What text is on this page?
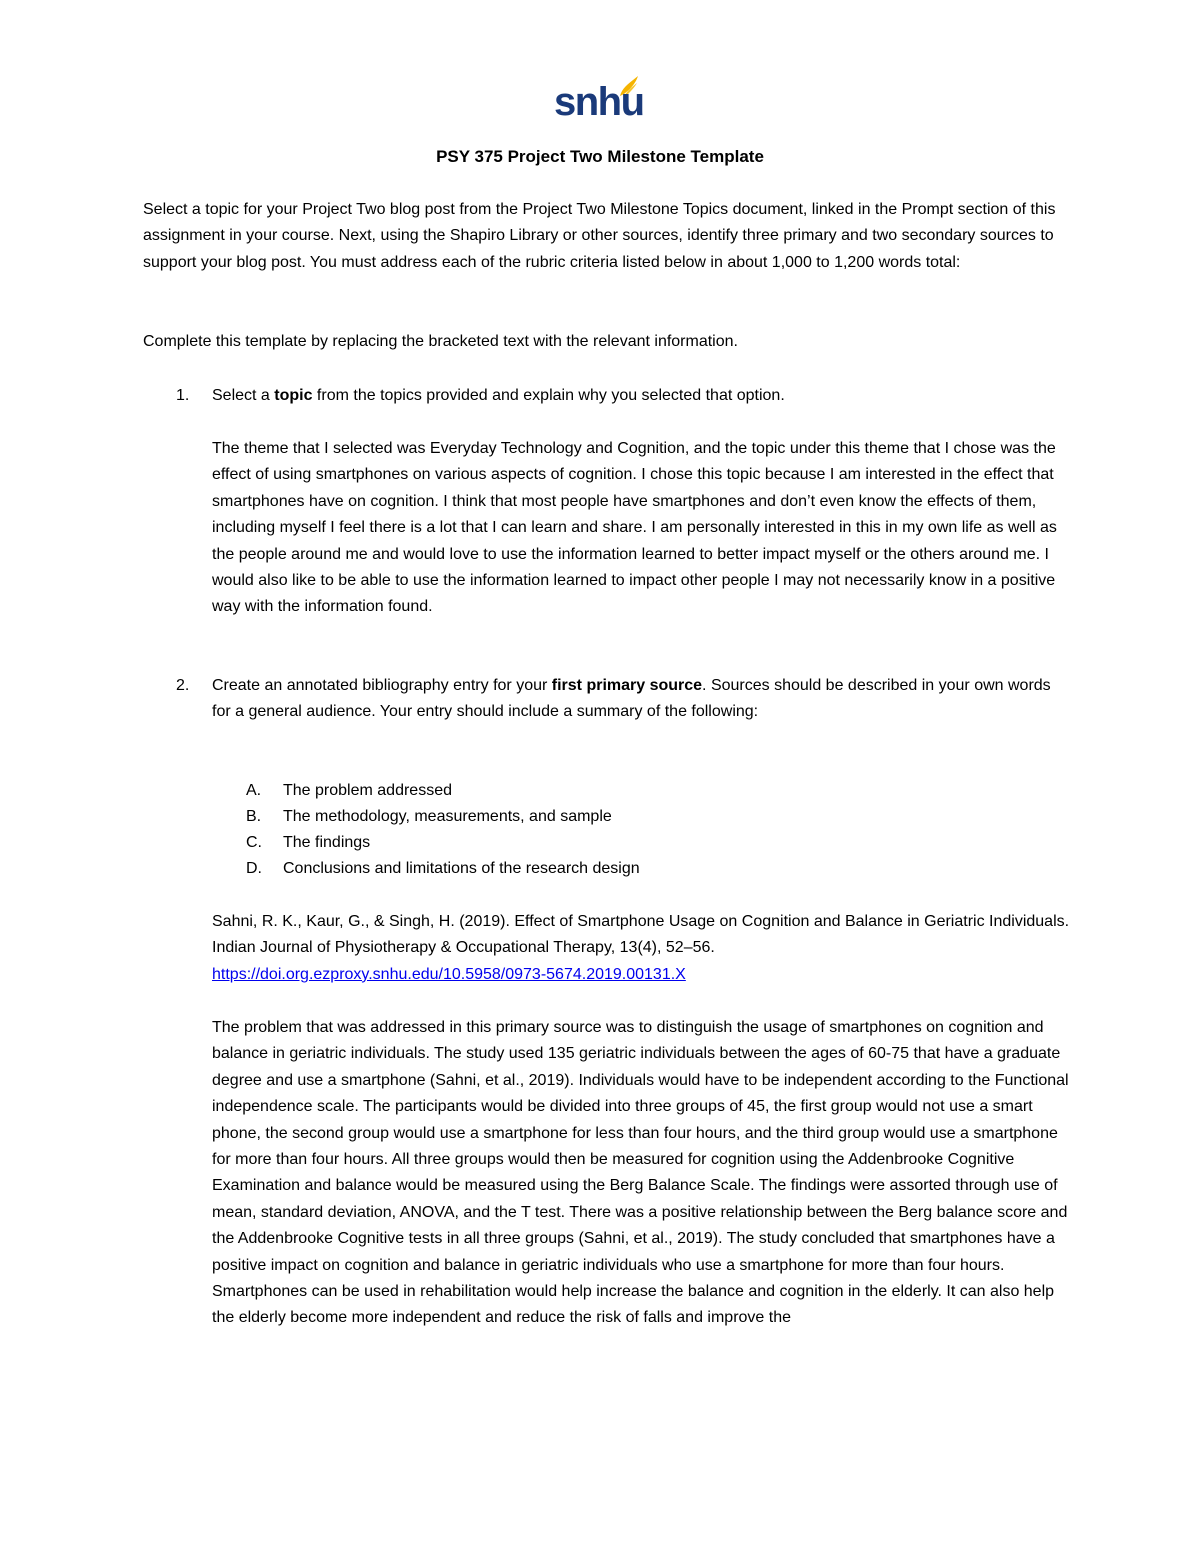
snhu
PSY 375 Project Two Milestone Template

Select a topic for your Project Two blog post from the Project Two Milestone Topics document, linked in the Prompt section of this assignment in your course. Next, using the Shapiro Library or other sources, identify three primary and two secondary sources to support your blog post. You must address each of the rubric criteria listed below in about 1,000 to 1,200 words total:

Complete this template by replacing the bracketed text with the relevant information.

1.	Select a topic from the topics provided and explain why you selected that option.

The theme that I selected was Everyday Technology and Cognition, and the topic under this theme that I chose was the effect of using smartphones on various aspects of cognition. I chose this topic because I am interested in the effect that smartphones have on cognition. I think that most people have smartphones and don’t even know the effects of them, including myself I feel there is a lot that I can learn and share. I am personally interested in this in my own life as well as the people around me and would love to use the information learned to better impact myself or the others around me. I would also like to be able to use the information learned to impact other people I may not necessarily know in a positive way with the information found.

2.	Create an annotated bibliography entry for your first primary source. Sources should be described in your own words for a general audience. Your entry should include a summary of the following:

A.	The problem addressed
B.	The methodology, measurements, and sample
C.	The findings
D.	Conclusions and limitations of the research design

Sahni, R. K., Kaur, G., & Singh, H. (2019). Effect of Smartphone Usage on Cognition and Balance in Geriatric Individuals. Indian Journal of Physiotherapy & Occupational Therapy, 13(4), 52–56.
https://doi.org.ezproxy.snhu.edu/10.5958/0973-5674.2019.00131.X

The problem that was addressed in this primary source was to distinguish the usage of smartphones on cognition and balance in geriatric individuals. The study used 135 geriatric individuals between the ages of 60-75 that have a graduate degree and use a smartphone (Sahni, et al., 2019). Individuals would have to be independent according to the Functional independence scale. The participants would be divided into three groups of 45, the first group would not use a smart phone, the second group would use a smartphone for less than four hours, and the third group would use a smartphone for more than four hours. All three groups would then be measured for cognition using the Addenbrooke Cognitive Examination and balance would be measured using the Berg Balance Scale. The findings were assorted through use of mean, standard deviation, ANOVA, and the T test. There was a positive relationship between the Berg balance score and the Addenbrooke Cognitive tests in all three groups (Sahni, et al., 2019). The study concluded that smartphones have a positive impact on cognition and balance in geriatric individuals who use a smartphone for more than four hours. Smartphones can be used in rehabilitation would help increase the balance and cognition in the elderly. It can also help the elderly become more independent and reduce the risk of falls and improve the
